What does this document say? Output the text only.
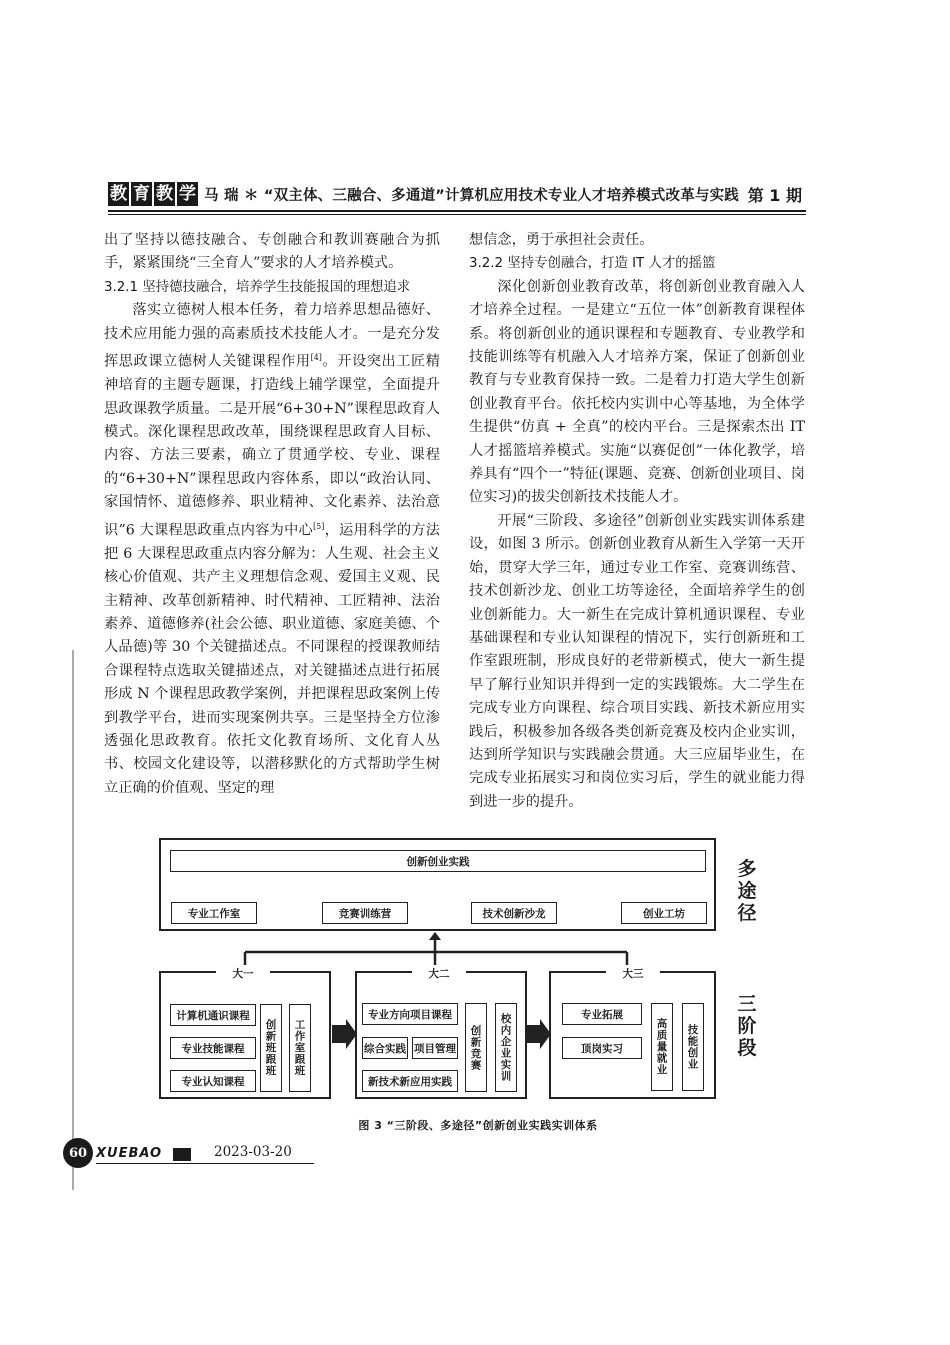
教 育 教 学 马 瑞 ＊ “双主体、三融合、多通道”计算机应用技术专业人才培养模式改革与实践 第 1 期

出了坚持以德技融合、专创融合和教训赛融合为抓手，紧紧围绕“三全育人”要求的人才培养模式。

3.2.1 坚持德技融合，培养学生技能报国的理想追求

落实立德树人根本任务，着力培养思想品德好、技术应用能力强的高素质技术技能人才。一是充分发挥思政课立德树人关键课程作用[4]。开设突出工匠精神培育的主题专题课，打造线上辅学课堂，全面提升思政课教学质量。二是开展“6+30+N”课程思政育人模式。深化课程思政改革，围绕课程思政育人目标、内容、方法三要素，确立了贯通学校、专业、课程的“6+30+N”课程思政内容体系，即以“政治认同、家国情怀、道德修养、职业精神、文化素养、法治意识”6 大课程思政重点内容为中心[5]，运用科学的方法把 6 大课程思政重点内容分解为：人生观、社会主义核心价值观、共产主义理想信念观、爱国主义观、民主精神、改革创新精神、时代精神、工匠精神、法治素养、道德修养(社会公德、职业道德、家庭美德、个人品德)等 30 个关键描述点。不同课程的授课教师结合课程特点选取关键描述点，对关键描述点进行拓展形成 N 个课程思政教学案例，并把课程思政案例上传到教学平台，进而实现案例共享。三是坚持全方位渗透强化思政教育。依托文化教育场所、文化育人丛书、校园文化建设等，以潜移默化的方式帮助学生树立正确的价值观、坚定的理

想信念，勇于承担社会责任。

3.2.2 坚持专创融合，打造 IT 人才的摇篮

深化创新创业教育改革，将创新创业教育融入人才培养全过程。一是建立“五位一体”创新教育课程体系。将创新创业的通识课程和专题教育、专业教学和技能训练等有机融入人才培养方案，保证了创新创业教育与专业教育保持一致。二是着力打造大学生创新创业教育平台。依托校内实训中心等基地，为全体学生提供“仿真 + 全真”的校内平台。三是探索杰出 IT 人才摇篮培养模式。实施“以赛促创”一体化教学，培养具有“四个一”特征(课题、竞赛、创新创业项目、岗位实习)的拔尖创新技术技能人才。

开展“三阶段、多途径”创新创业实践实训体系建设，如图 3 所示。创新创业教育从新生入学第一天开始，贯穿大学三年，通过专业工作室、竞赛训练营、技术创新沙龙、创业工坊等途径，全面培养学生的创业创新能力。大一新生在完成计算机通识课程、专业基础课程和专业认知课程的情况下，实行创新班和工作室跟班制，形成良好的老带新模式，使大一新生提早了解行业知识并得到一定的实践锻炼。大二学生在完成专业方向课程、综合项目实践、新技术新应用实践后，积极参加各级各类创新竞赛及校内企业实训，达到所学知识与实践融会贯通。大三应届毕业生，在完成专业拓展实习和岗位实习后，学生的就业能力得到进一步的提升。

创新创业实践
专业工作室	竞赛训练营	技术创新沙龙	创业工坊
多途径
大一
计算机通识课程
专业技能课程
专业认知课程
创新班跟班	工作室跟班
大二
专业方向项目课程
综合实践 项目管理
新技术新应用实践
创新竞赛	校内企业实训
大三
专业拓展
顶岗实习	高质量就业	技能创业
三阶段
图 3 “三阶段、多途径”创新创业实践实训体系
60 XUEBAO	2023-03-20
